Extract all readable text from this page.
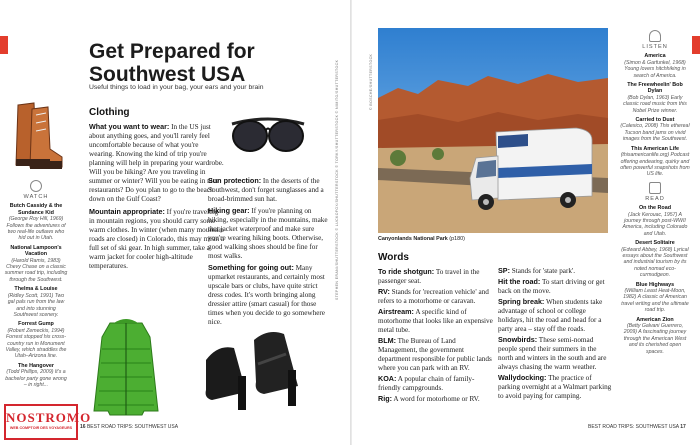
WATCH
Butch Cassidy & the Sundance Kid
(George Roy Hill, 1969) Follows the adventures of two real-life outlaws who hid out in Utah.
National Lampoon's Vacation
(Harold Ramis, 1983) Chevy Chase on a classic summer road trip, including through the Southwest.
Thelma & Louise
(Ridley Scott, 1991) Two gal pals run from the law and into stunning Southwest scenery.
Forrest Gump
(Robert Zemeckis, 1994) Forrest stopped his cross-country run in Monument Valley, which straddles the Utah–Arizona line.
The Hangover
(Todd Phillips, 2009) It's a bachelor party gone wrong – in right...
Get Prepared for
Southwest USA
Useful things to load in your bag, your ears and your brain
Clothing

What you want to wear: In the US just about anything goes, and you'll rarely feel uncomfortable because of what you're wearing. Knowing the kind of trip you're planning will help in preparing your wardrobe. Will you be hiking? Are you traveling in summer or winter? Will you be eating in nice restaurants? Do you plan to go to the beach down on the Gulf Coast?

Mountain appropriate: If you're traveling in mountain regions, you should carry some warm clothes. In winter (when many mountain roads are closed) in Colorado, this may mean a full set of ski gear. In high summer, take a warm jacket for cooler high-altitude temperatures.

Sun protection: In the deserts of the Southwest, don't forget sunglasses and a broad-brimmed sun hat.

Hiking gear: If you're planning on hiking, especially in the mountains, make that jacket waterproof and make sure you're wearing hiking boots. Otherwise, good walking shoes should be fine for most walks.

Something for going out: Many upmarket restaurants, and certainly most upscale bars or clubs, have quite strict dress codes. It's worth bringing along dressier attire (smart casual) for those times when you decide to go somewhere nice.

STEPHEN ERANI/SHUTTERSTOCK © LUCKOFOX/SHUTTERSTOCK © TORKY/SHUTTERSTOCK © NIMITO/SHUTTERSTOCK
NOSTROMO
WEB COMPTOIR DES VOYAGEURS	16 BEST ROAD TRIPS: SOUTHWEST USA
© BOSCHE/SHUTTERSTOCK
Canyonlands National Park (p180)
Words

To ride shotgun: To travel in the passenger seat.

RV: Stands for 'recreation vehicle' and refers to a motorhome or caravan.

Airstream: A specific kind of motorhome that looks like an expensive metal tube.

BLM: The Bureau of Land Management, the government department responsible for public lands where you can park with an RV.

KOA: A popular chain of family-friendly campgrounds.

Rig: A word for motorhome or RV.

SP: Stands for 'state park'.

Hit the road: To start driving or get back on the move.

Spring break: When students take advantage of school or college holidays, hit the road and head for a party area – stay off the roads.

Snowbirds: These semi-nomad people spend their summers in the north and winters in the south and are always chasing the warm weather.

Wallydocking: The practice of parking overnight at a Walmart parking to avoid paying for camping.

LISTEN
America
(Simon & Garfunkel, 1968) Young lovers hitchhiking in search of America.
The Freewheelin' Bob Dylan
(Bob Dylan, 1963) Early classic road music from this Nobel Prize winner.
Carried to Dust
(Calexico, 2008) This ethereal Tucson band jams on vivid images from the Southwest.
This American Life
(thisamericanlife.org) Podcast offering endearing, quirky and often powerful snapshots from US life.
READ
On the Road
(Jack Kerouac, 1957) A journey through post-WWII America, including Colorado and Utah.
Desert Solitaire
(Edward Abbey, 1968) Lyrical essays about the Southwest and industrial tourism by its noted nomad eco-curmudgeon.
Blue Highways
(William Least Heat-Moon, 1982) A classic of American travel writing and the ultimate road trip.
American Zion
(Betty Galvani Guerrero, 2009) A fascinating journey through the American West and its cherished open spaces.
BEST ROAD TRIPS: SOUTHWEST USA 17
